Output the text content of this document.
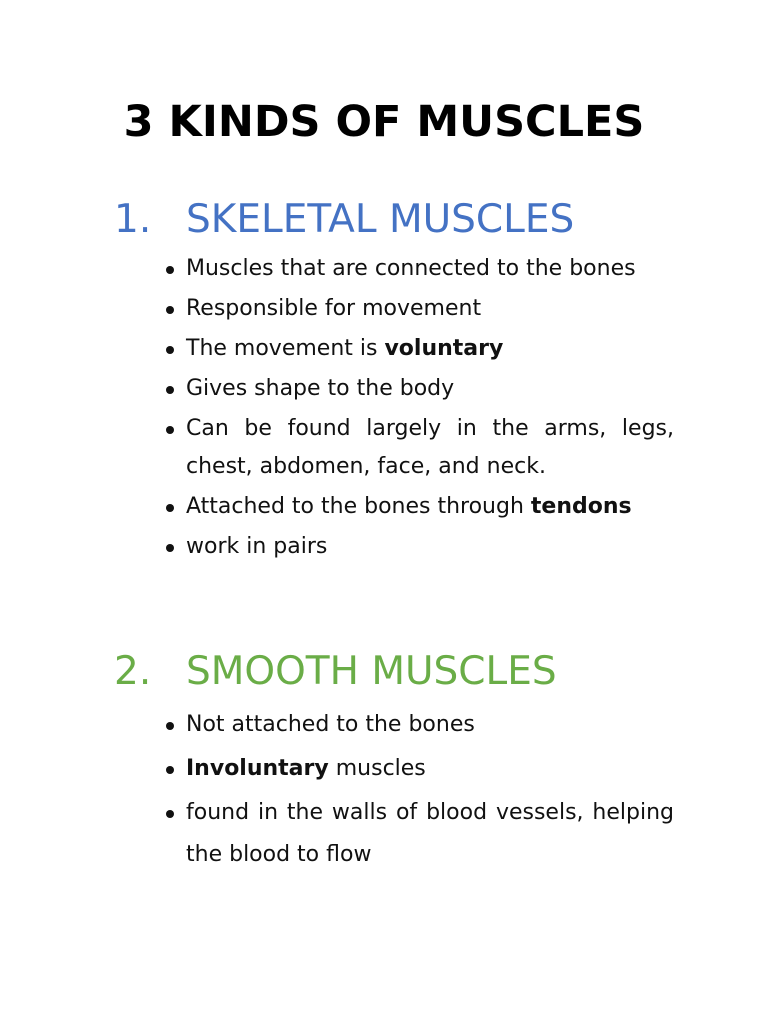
3 KINDS OF MUSCLES
1. SKELETAL MUSCLES
Muscles that are connected to the bones
Responsible for movement
The movement is voluntary
Gives shape to the body
Can be found largely in the arms, legs, chest, abdomen, face, and neck.
Attached to the bones through tendons
work in pairs
2. SMOOTH MUSCLES
Not attached to the bones
Involuntary muscles
found in the walls of blood vessels, helping the blood to flow
